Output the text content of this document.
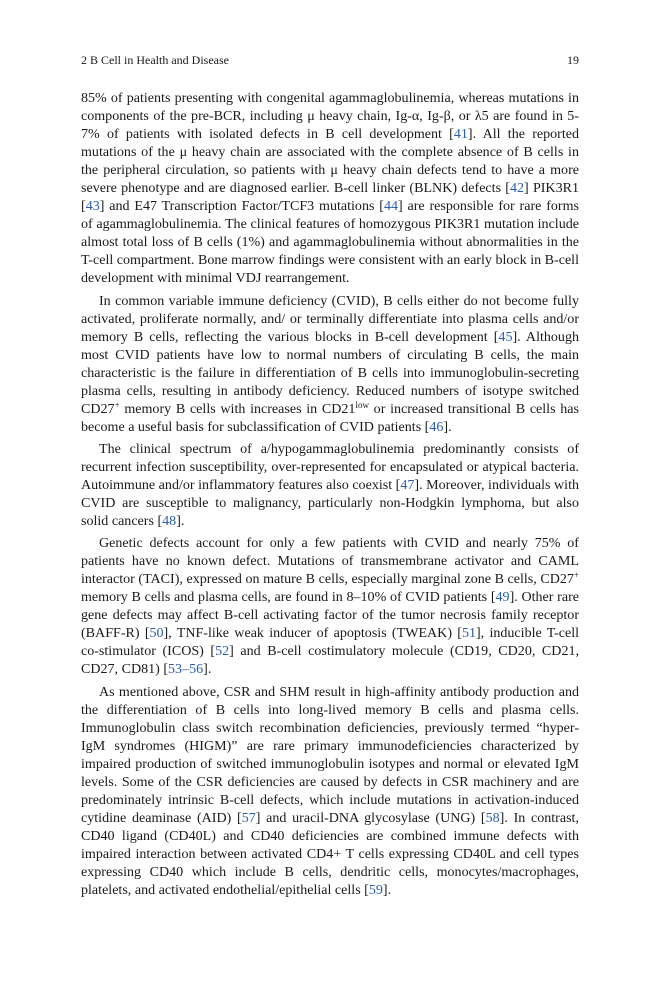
2 B Cell in Health and Disease	19

85% of patients presenting with congenital agammaglobulinemia, whereas mutations in components of the pre-BCR, including μ heavy chain, Ig-α, Ig-β, or λ5 are found in 5-7% of patients with isolated defects in B cell development [41]. All the reported mutations of the μ heavy chain are associated with the complete absence of B cells in the peripheral circulation, so patients with μ heavy chain defects tend to have a more severe phenotype and are diagnosed earlier. B-cell linker (BLNK) defects [42] PIK3R1 [43] and E47 Transcription Factor/TCF3 mutations [44] are responsible for rare forms of agammaglobulinemia. The clinical features of homozygous PIK3R1 mutation include almost total loss of B cells (1%) and agammaglobulinemia without abnormalities in the T-cell compartment. Bone marrow findings were consistent with an early block in B-cell development with minimal VDJ rearrangement.

In common variable immune deficiency (CVID), B cells either do not become fully activated, proliferate normally, and/ or terminally differentiate into plasma cells and/or memory B cells, reflecting the various blocks in B-cell development [45]. Although most CVID patients have low to normal numbers of circulating B cells, the main characteristic is the failure in differentiation of B cells into immunoglobulin-secreting plasma cells, resulting in antibody deficiency. Reduced numbers of isotype switched CD27+ memory B cells with increases in $CD21^{low}$ or increased transitional B cells has become a useful basis for subclassification of CVID patients [46].

The clinical spectrum of a/hypogammaglobulinemia predominantly consists of recurrent infection susceptibility, over-represented for encapsulated or atypical bacteria. Autoimmune and/or inflammatory features also coexist [47]. Moreover, individuals with CVID are susceptible to malignancy, particularly non-Hodgkin lymphoma, but also solid cancers [48].

Genetic defects account for only a few patients with CVID and nearly 75% of patients have no known defect. Mutations of transmembrane activator and CAML interactor (TACI), expressed on mature B cells, especially marginal zone B cells, CD27+ memory B cells and plasma cells, are found in 8–10% of CVID patients [49]. Other rare gene defects may affect B-cell activating factor of the tumor necrosis family receptor (BAFF-R) [50], TNF-like weak inducer of apoptosis (TWEAK) [51], inducible T-cell co-stimulator (ICOS) [52] and B-cell costimulatory molecule (CD19, CD20, CD21, CD27, CD81) [53–56].

As mentioned above, CSR and SHM result in high-affinity antibody production and the differentiation of B cells into long-lived memory B cells and plasma cells. Immunoglobulin class switch recombination deficiencies, previously termed “hyper-IgM syndromes (HIGM)” are rare primary immunodeficiencies characterized by impaired production of switched immunoglobulin isotypes and normal or elevated IgM levels. Some of the CSR deficiencies are caused by defects in CSR machinery and are predominately intrinsic B-cell defects, which include mutations in activation-induced cytidine deaminase (AID) [57] and uracil-DNA glycosylase (UNG) [58]. In contrast, CD40 ligand (CD40L) and CD40 deficiencies are combined immune defects with impaired interaction between activated CD4+ T cells expressing CD40L and cell types expressing CD40 which include B cells, dendritic cells, monocytes/macrophages, platelets, and activated endothelial/epithelial cells [59].
